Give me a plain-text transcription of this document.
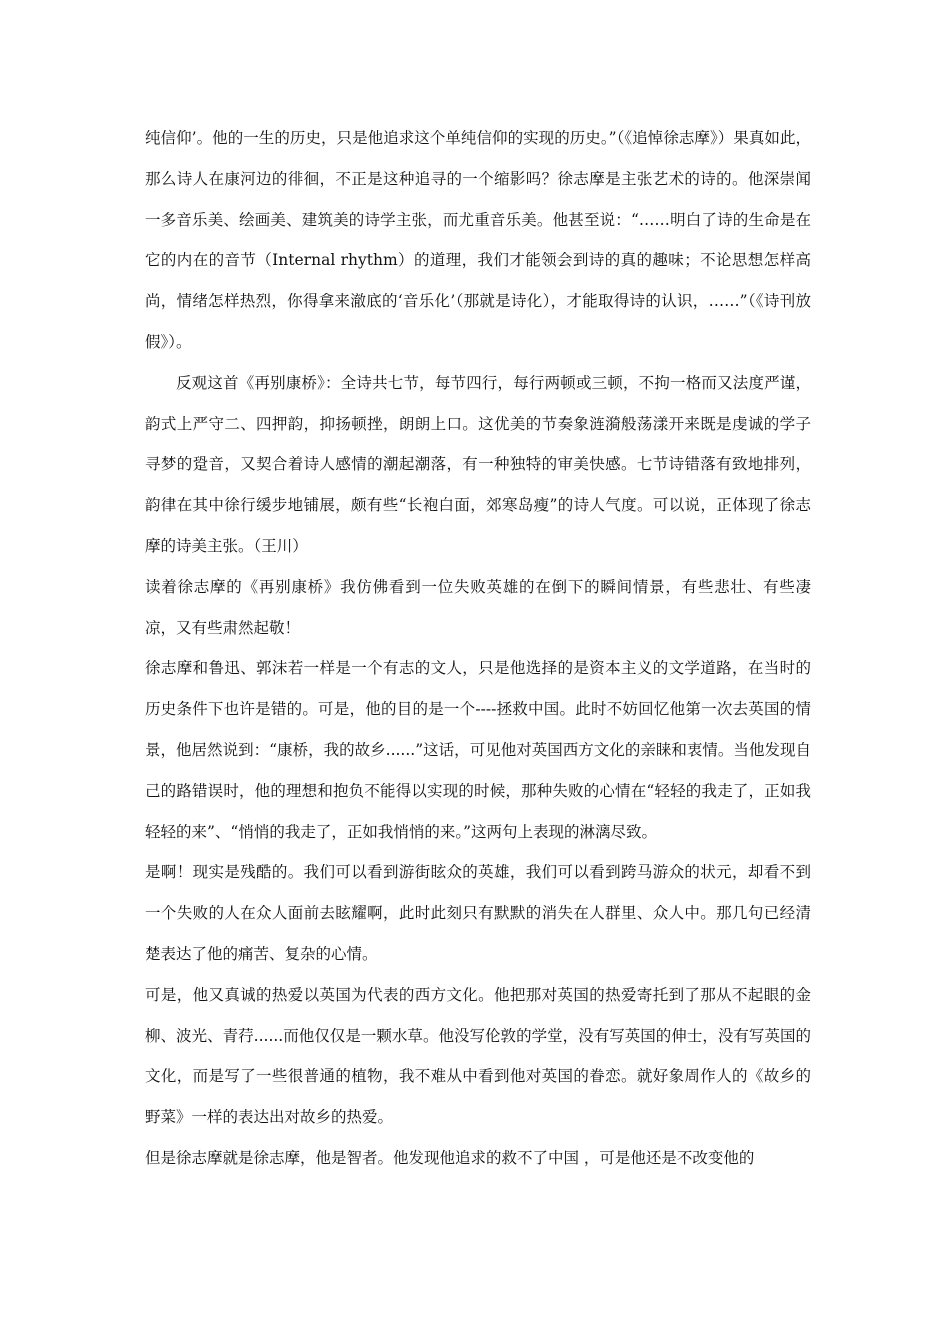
纯信仰’。他的一生的历史，只是他追求这个单纯信仰的实现的历史。”（《追悼徐志摩》）果真如此，那么诗人在康河边的徘徊，不正是这种追寻的一个缩影吗？徐志摩是主张艺术的诗的。他深崇闻一多音乐美、绘画美、建筑美的诗学主张，而尤重音乐美。他甚至说：“……明白了诗的生命是在它的内在的音节（Internal rhythm）的道理，我们才能领会到诗的真的趣味；不论思想怎样高尚，情绪怎样热烈，你得拿来澈底的‘音乐化’（那就是诗化），才能取得诗的认识，……”（《诗刊放假》）。

反观这首《再别康桥》：全诗共七节，每节四行，每行两顿或三顿，不拘一格而又法度严谨，韵式上严守二、四押韵，抑扬顿挫，朗朗上口。这优美的节奏象涟漪般荡漾开来既是虔诚的学子寻梦的跫音，又契合着诗人感情的潮起潮落，有一种独特的审美快感。七节诗错落有致地排列，韵律在其中徐行缓步地铺展，颇有些“长袍白面，郊寒岛瘦”的诗人气度。可以说，正体现了徐志摩的诗美主张。（王川）

读着徐志摩的《再别康桥》我仿佛看到一位失败英雄的在倒下的瞬间情景，有些悲壮、有些凄凉，又有些肃然起敬！

徐志摩和鲁迅、郭沫若一样是一个有志的文人，只是他选择的是资本主义的文学道路，在当时的历史条件下也许是错的。可是，他的目的是一个----拯救中国。此时不妨回忆他第一次去英国的情景，他居然说到：“康桥，我的故乡......”这话，可见他对英国西方文化的亲睐和衷情。当他发现自己的路错误时，他的理想和抱负不能得以实现的时候，那种失败的心情在“轻轻的我走了，正如我轻轻的来”、“悄悄的我走了，正如我悄悄的来。”这两句上表现的淋漓尽致。

是啊！现实是残酷的。我们可以看到游街眩众的英雄，我们可以看到跨马游众的状元，却看不到一个失败的人在众人面前去眩耀啊，此时此刻只有默默的消失在人群里、众人中。那几句已经清楚表达了他的痛苦、复杂的心情。

可是，他又真诚的热爱以英国为代表的西方文化。他把那对英国的热爱寄托到了那从不起眼的金柳、波光、青荇......而他仅仅是一颗水草。他没写伦敦的学堂，没有写英国的伸士，没有写英国的文化，而是写了一些很普通的植物，我不难从中看到他对英国的眷恋。就好象周作人的《故乡的野菜》一样的表达出对故乡的热爱。

但是徐志摩就是徐志摩，他是智者。他发现他追求的救不了中国 ，可是他还是不改变他的
